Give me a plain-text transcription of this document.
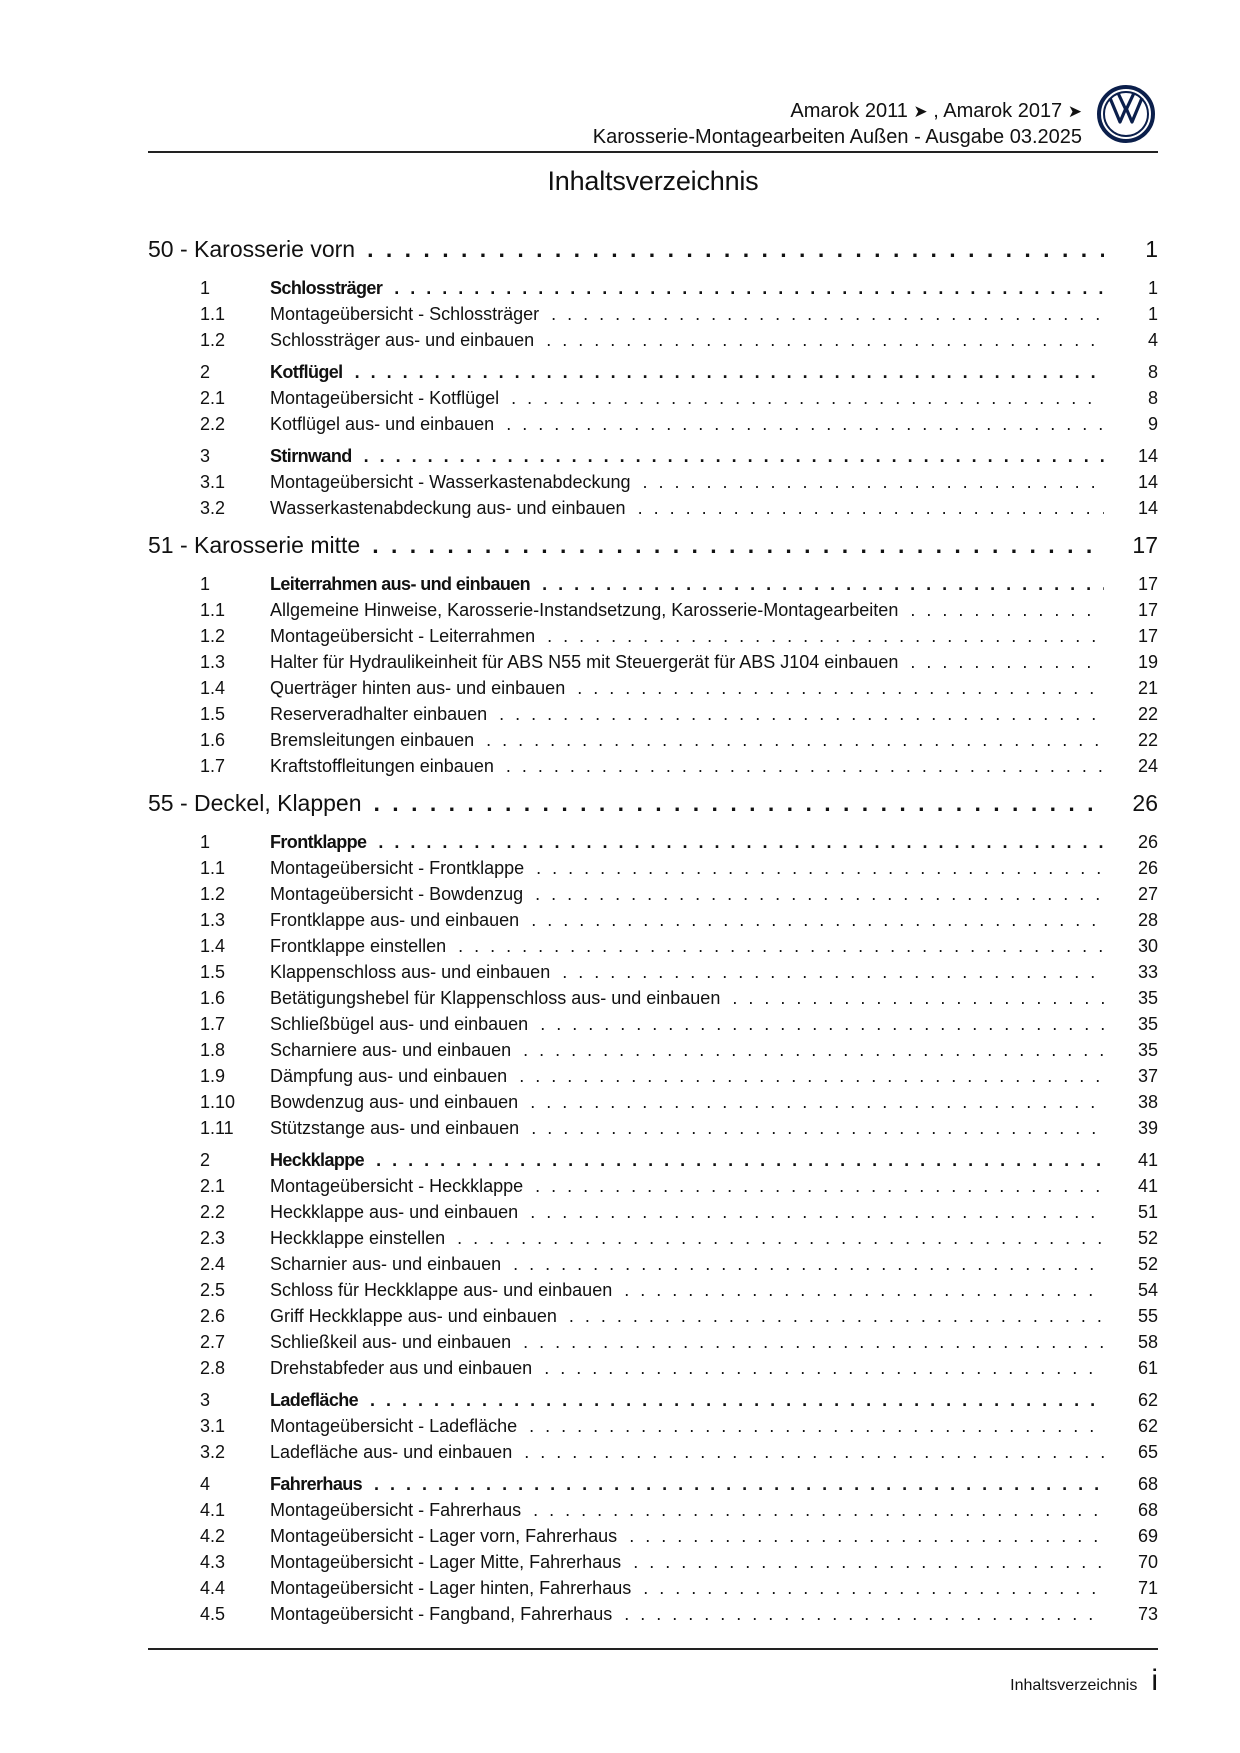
Amarok 2011 ➤ , Amarok 2017 ➤
Karosserie-Montagearbeiten Außen - Ausgabe 03.2025
Inhaltsverzeichnis
50 - Karosserie vorn . . .	1
1	Schlossträger . . .	1
1.1	Montageübersicht - Schlossträger . . .	1
1.2	Schlossträger aus- und einbauen . . .	4
2	Kotflügel . . .	8
2.1	Montageübersicht - Kotflügel . . .	8
2.2	Kotflügel aus- und einbauen . . .	9
3	Stirnwand . . .	14
3.1	Montageübersicht - Wasserkastenabdeckung . . .	14
3.2	Wasserkastenabdeckung aus- und einbauen . . .	14
51 - Karosserie mitte . . .	17
1	Leiterrahmen aus- und einbauen . . .	17
1.1	Allgemeine Hinweise, Karosserie-Instandsetzung, Karosserie-Montagearbeiten . . .	17
1.2	Montageübersicht - Leiterrahmen . . .	17
1.3	Halter für Hydraulikeinheit für ABS N55 mit Steuergerät für ABS J104 einbauen . . .	19
1.4	Querträger hinten aus- und einbauen . . .	21
1.5	Reserveradhalter einbauen . . .	22
1.6	Bremsleitungen einbauen . . .	22
1.7	Kraftstoffleitungen einbauen . . .	24
55 - Deckel, Klappen . . .	26
1	Frontklappe . . .	26
1.1	Montageübersicht - Frontklappe . . .	26
1.2	Montageübersicht - Bowdenzug . . .	27
1.3	Frontklappe aus- und einbauen . . .	28
1.4	Frontklappe einstellen . . .	30
1.5	Klappenschloss aus- und einbauen . . .	33
1.6	Betätigungshebel für Klappenschloss aus- und einbauen . . .	35
1.7	Schließbügel aus- und einbauen . . .	35
1.8	Scharniere aus- und einbauen . . .	35
1.9	Dämpfung aus- und einbauen . . .	37
1.10	Bowdenzug aus- und einbauen . . .	38
1.11	Stützstange aus- und einbauen . . .	39
2	Heckklappe . . .	41
2.1	Montageübersicht - Heckklappe . . .	41
2.2	Heckklappe aus- und einbauen . . .	51
2.3	Heckklappe einstellen . . .	52
2.4	Scharnier aus- und einbauen . . .	52
2.5	Schloss für Heckklappe aus- und einbauen . . .	54
2.6	Griff Heckklappe aus- und einbauen . . .	55
2.7	Schließkeil aus- und einbauen . . .	58
2.8	Drehstabfeder aus und einbauen . . .	61
3	Ladefläche . . .	62
3.1	Montageübersicht - Ladefläche . . .	62
3.2	Ladefläche aus- und einbauen . . .	65
4	Fahrerhaus . . .	68
4.1	Montageübersicht - Fahrerhaus . . .	68
4.2	Montageübersicht - Lager vorn, Fahrerhaus . . .	69
4.3	Montageübersicht - Lager Mitte, Fahrerhaus . . .	70
4.4	Montageübersicht - Lager hinten, Fahrerhaus . . .	71
4.5	Montageübersicht - Fangband, Fahrerhaus . . .	73
Inhaltsverzeichnis i
